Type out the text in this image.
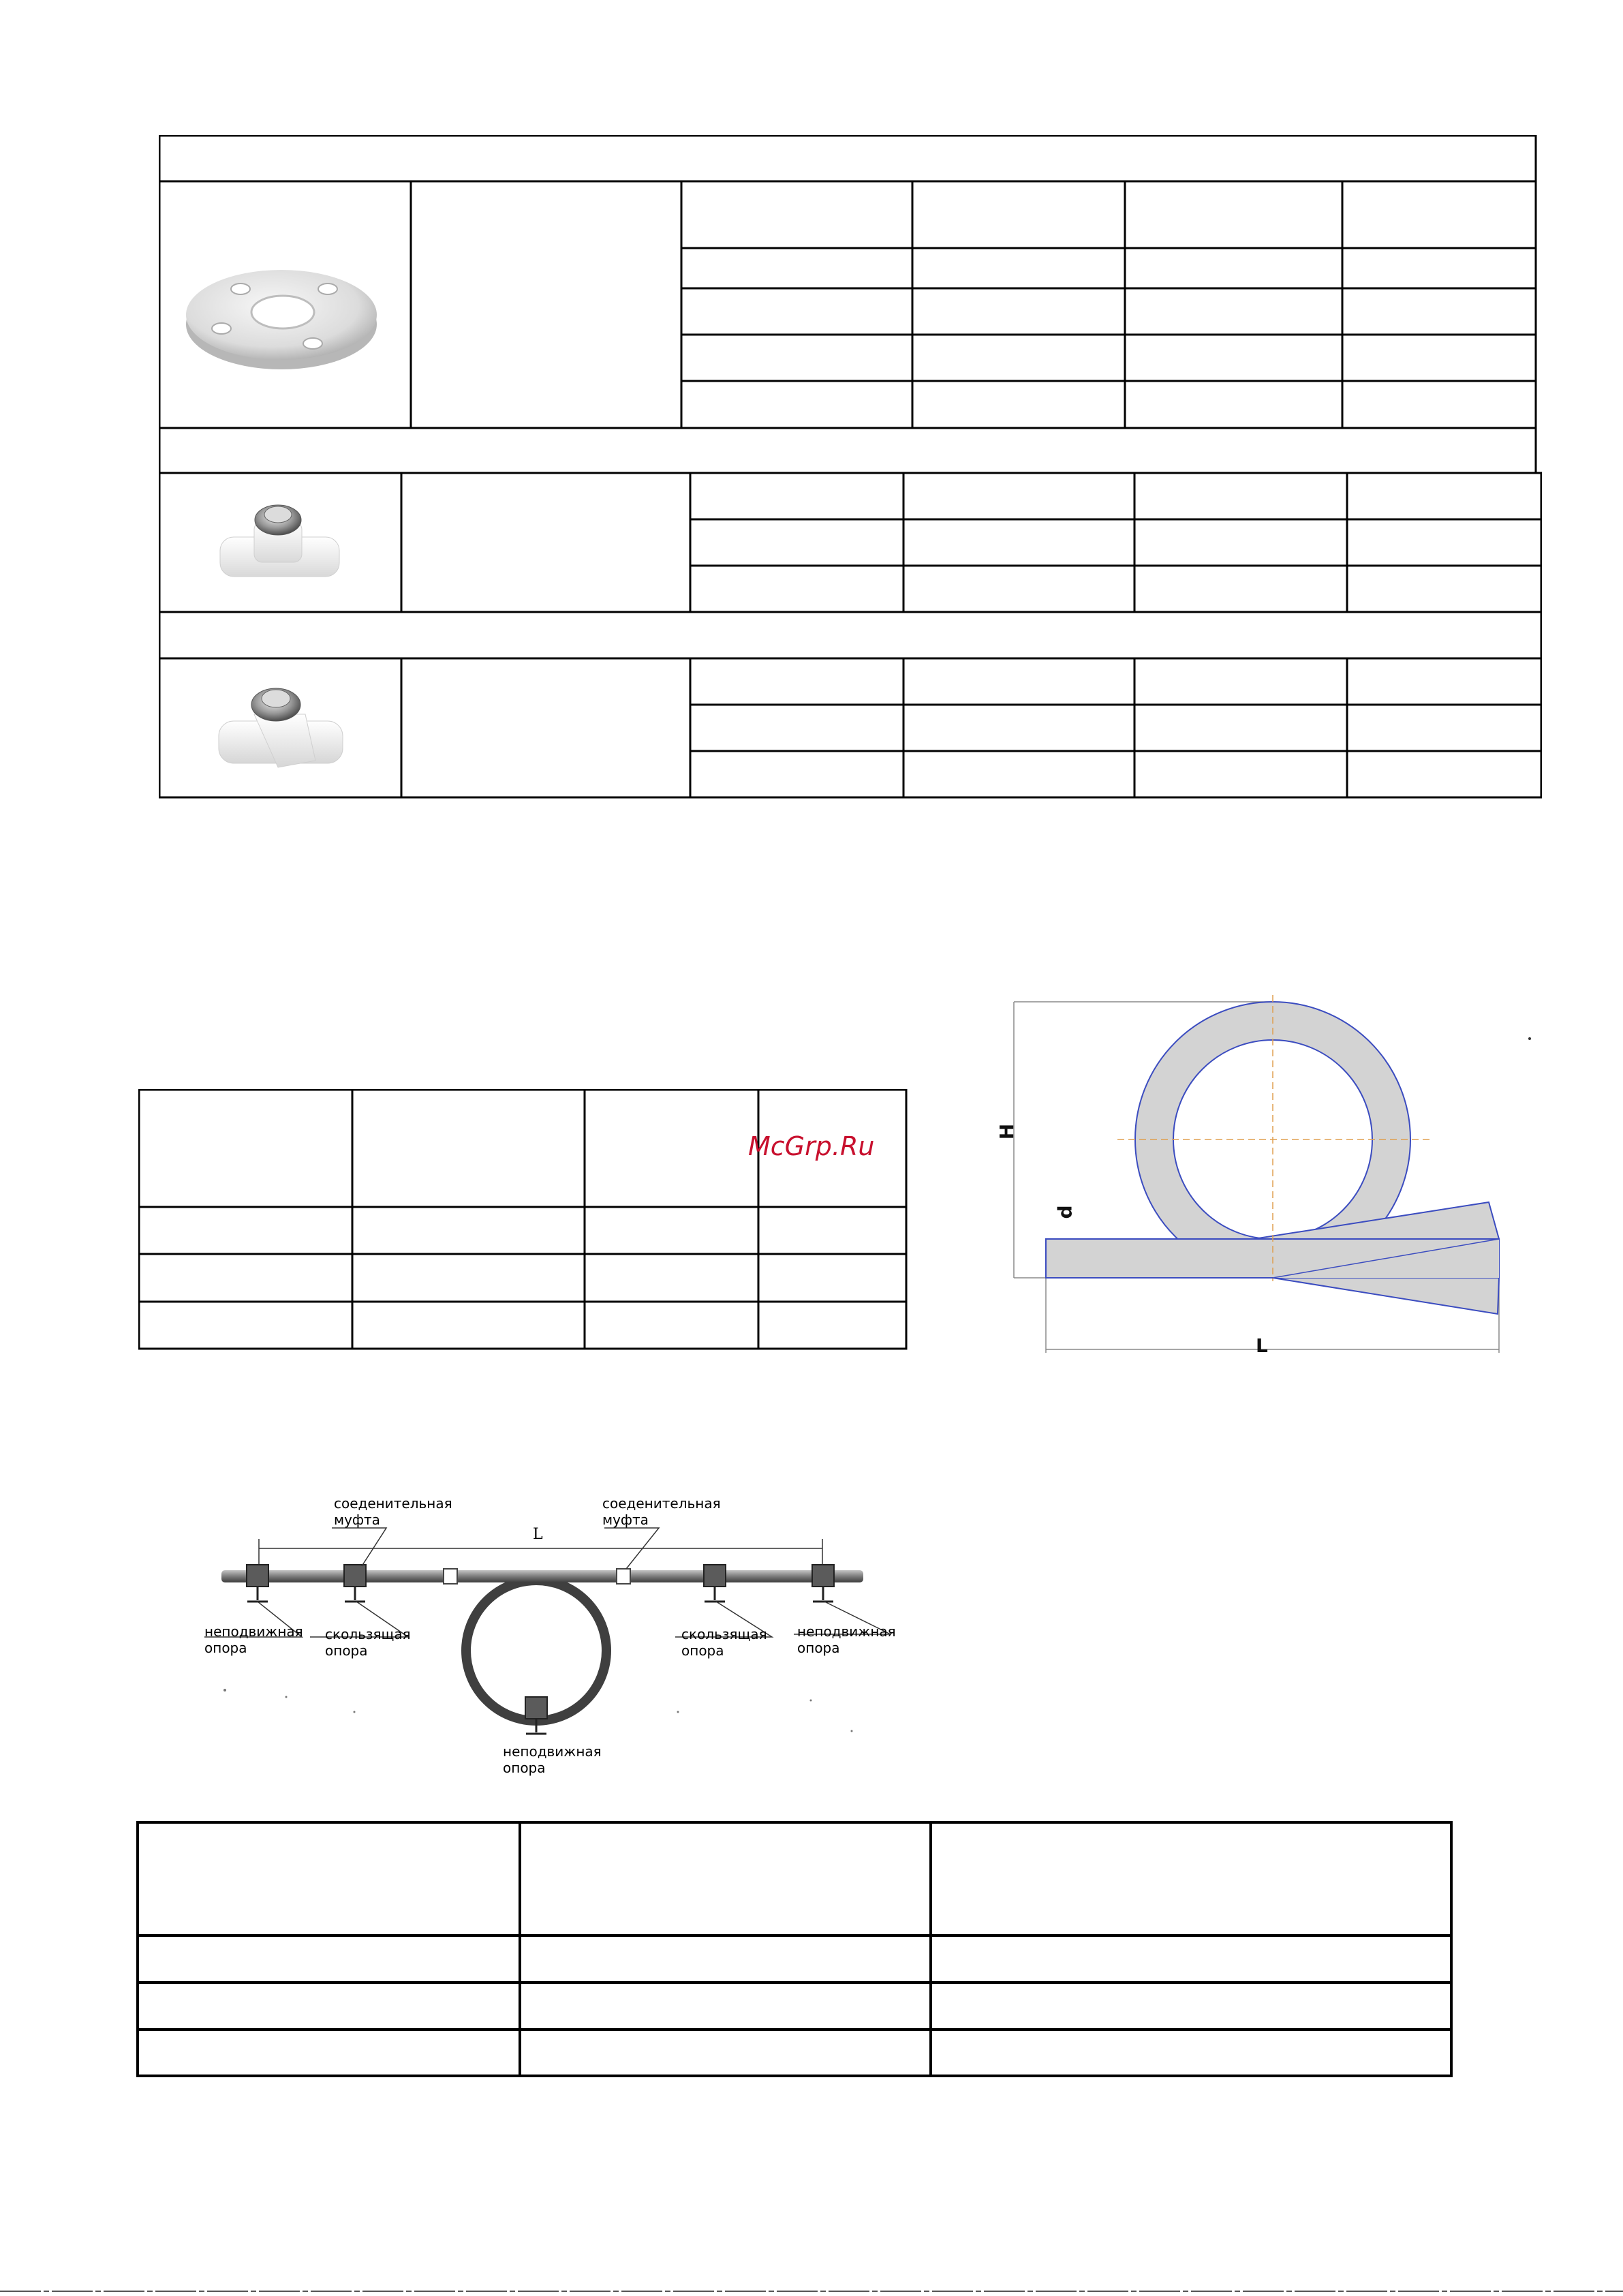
McGrp.Ru	H
d
L
L
соеденительная
муфта
соеденительная
муфта
неподвижная
опора
скользящая
опора
скользящая
опора
неподвижная
опора
неподвижная
опора
